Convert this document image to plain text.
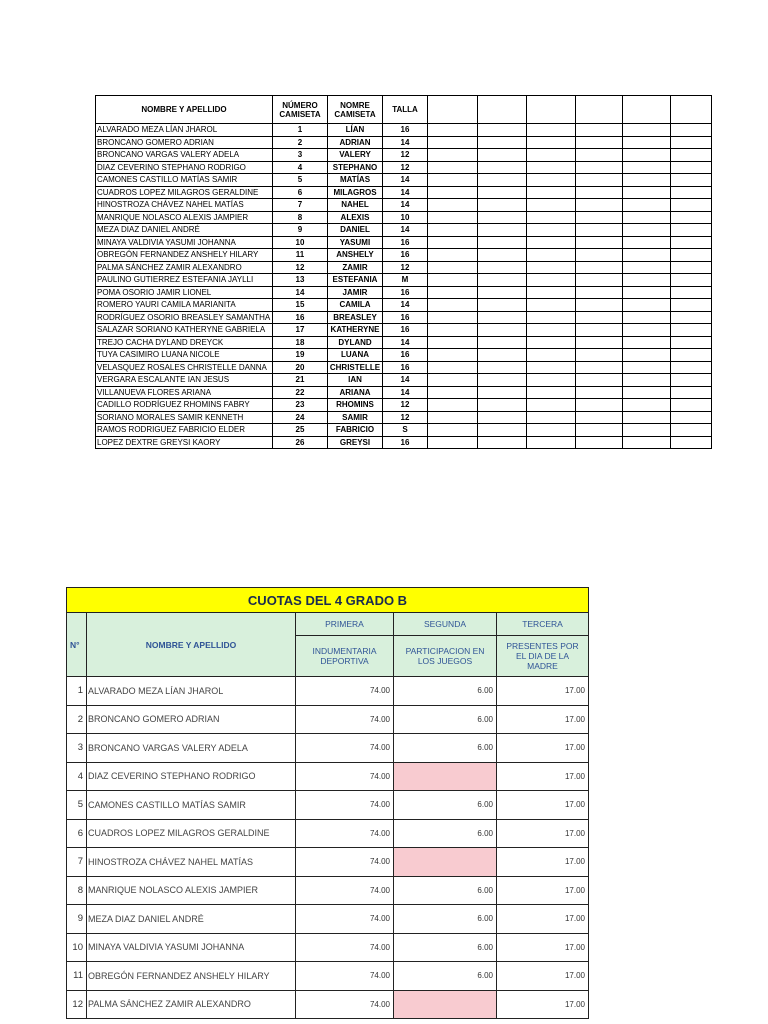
NOMBRE Y APELLIDO	NÚMERO CAMISETA	NOMRE CAMISETA	TALLA						
ALVARADO MEZA LÍAN JHAROL	1	LÍAN	16						
BRONCANO GOMERO ADRIAN	2	ADRIAN	14						
BRONCANO VARGAS VALERY ADELA	3	VALERY	12						
DIAZ CEVERINO STEPHANO RODRIGO	4	STEPHANO	12						
CAMONES CASTILLO MATÍAS SAMIR	5	MATÍAS	14						
CUADROS LOPEZ MILAGROS GERALDINE	6	MILAGROS	14						
HINOSTROZA CHÁVEZ NAHEL MATÍAS	7	NAHEL	14						
MANRIQUE NOLASCO ALEXIS JAMPIER	8	ALEXIS	10						
MEZA DIAZ DANIEL ANDRÉ	9	DANIEL	14						
MINAYA VALDIVIA YASUMI JOHANNA	10	YASUMI	16						
OBREGÓN FERNANDEZ ANSHELY HILARY	11	ANSHELY	16						
PALMA SÁNCHEZ ZAMIR ALEXANDRO	12	ZAMIR	12						
PAULINO GUTIERREZ ESTEFANIA JAYLLI	13	ESTEFANIA	M						
POMA OSORIO JAMIR LIONEL	14	JAMIR	16						
ROMERO YAURI CAMILA MARIANITA	15	CAMILA	14						
RODRÍGUEZ OSORIO BREASLEY SAMANTHA	16	BREASLEY	16						
SALAZAR SORIANO KATHERYNE GABRIELA	17	KATHERYNE	16						
TREJO CACHA DYLAND DREYCK	18	DYLAND	14						
TUYA CASIMIRO LUANA NICOLE	19	LUANA	16						
VELASQUEZ ROSALES CHRISTELLE DANNA	20	CHRISTELLE	16						
VERGARA ESCALANTE IAN JESUS	21	IAN	14						
VILLANUEVA FLORES ARIANA	22	ARIANA	14						
CADILLO RODRÍGUEZ RHOMINS FABRY	23	RHOMINS	12						
SORIANO MORALES SAMIR KENNETH	24	SAMIR	12						
RAMOS RODRIGUEZ FABRICIO ELDER	25	FABRICIO	S						
LOPEZ DEXTRE GREYSI KAORY	26	GREYSI	16						
CUOTAS DEL 4 GRADO B				
N°	NOMBRE Y APELLIDO	PRIMERA	SEGUNDA	TERCERA
		INDUMENTARIA DEPORTIVA	PARTICIPACION EN LOS JUEGOS	PRESENTES POR EL DIA DE LA MADRE
1	ALVARADO MEZA LÍAN JHAROL	74.00	6.00	17.00
2	BRONCANO GOMERO ADRIAN	74.00	6.00	17.00
3	BRONCANO VARGAS VALERY ADELA	74.00	6.00	17.00
4	DIAZ CEVERINO STEPHANO RODRIGO	74.00		17.00
5	CAMONES CASTILLO MATÍAS SAMIR	74.00	6.00	17.00
6	CUADROS LOPEZ MILAGROS GERALDINE	74.00	6.00	17.00
7	HINOSTROZA CHÁVEZ NAHEL MATÍAS	74.00		17.00
8	MANRIQUE NOLASCO ALEXIS JAMPIER	74.00	6.00	17.00
9	MEZA DIAZ DANIEL ANDRÉ	74.00	6.00	17.00
10	MINAYA VALDIVIA YASUMI JOHANNA	74.00	6.00	17.00
11	OBREGÓN FERNANDEZ ANSHELY HILARY	74.00	6.00	17.00
12	PALMA SÁNCHEZ ZAMIR ALEXANDRO	74.00		17.00
